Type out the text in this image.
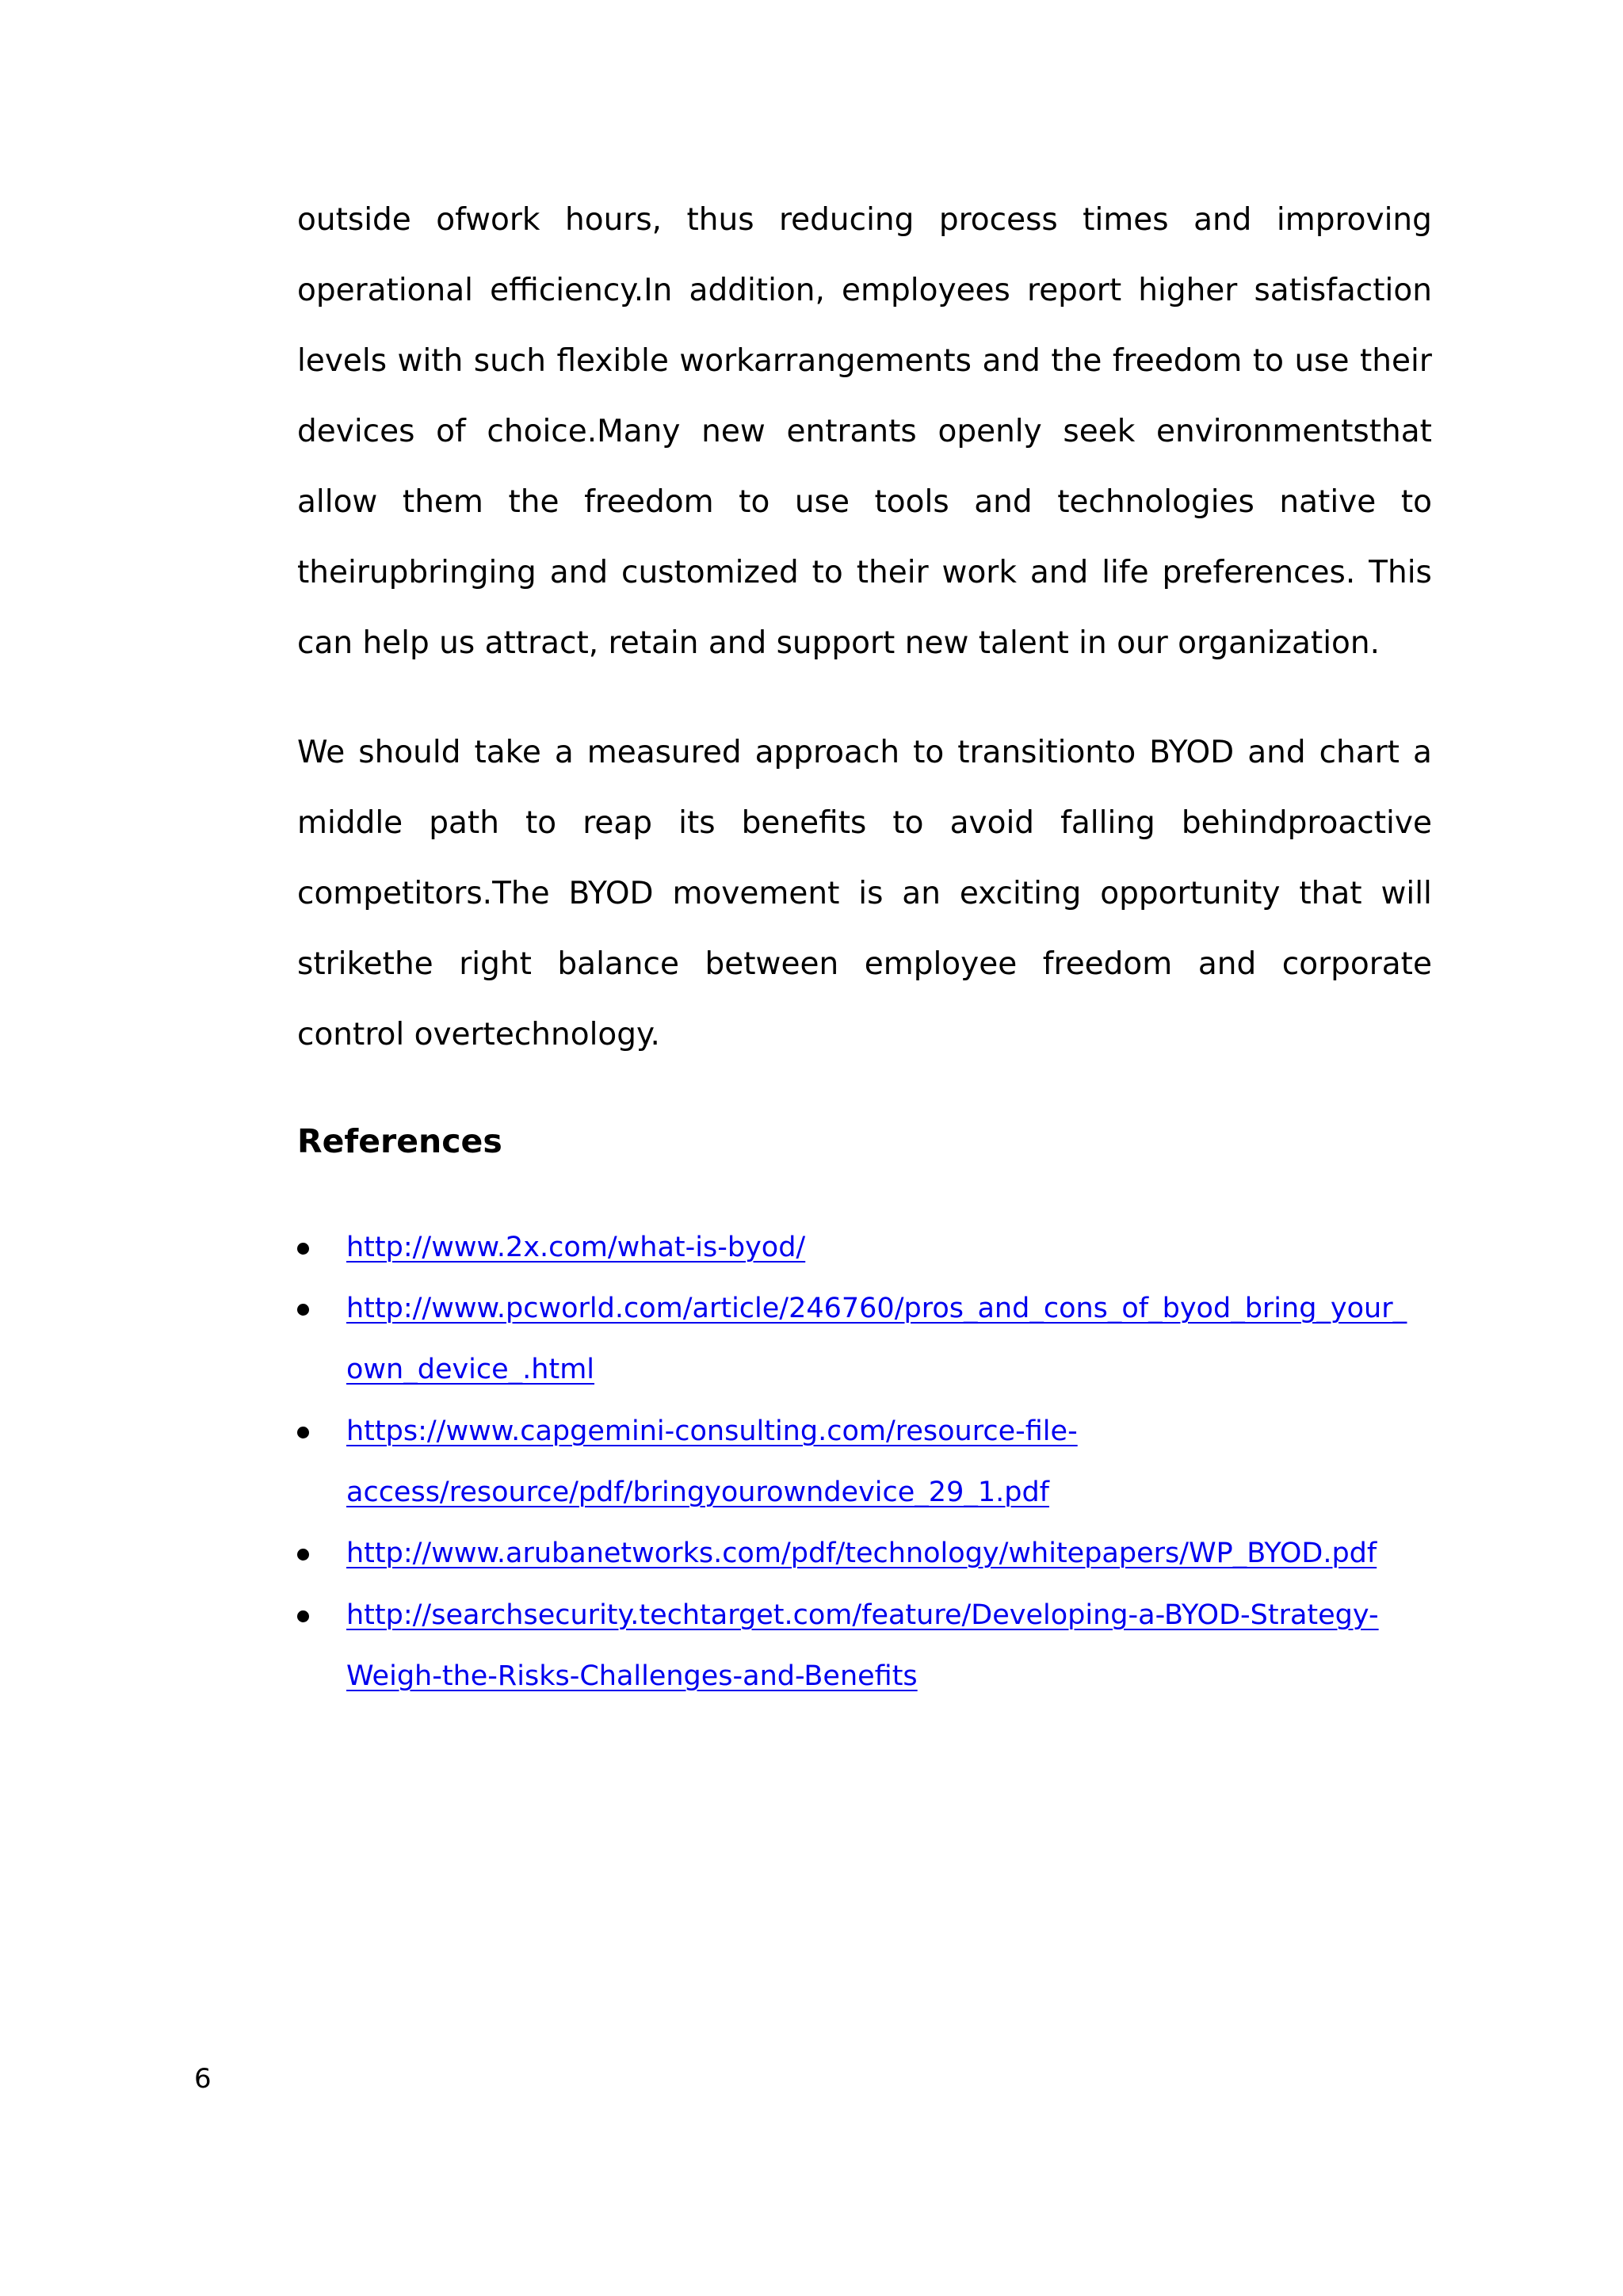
outside ofwork hours, thus reducing process times and improving
operational efficiency.In addition, employees report higher satisfaction
levels with such flexible workarrangements and the freedom to use their
devices of choice.Many new entrants openly seek environmentsthat
allow them the freedom to use tools and technologies native to
theirupbringing and customized to their work and life preferences. This
can help us attract, retain and support new talent in our organization.
We should take a measured approach to transitionto BYOD and chart a
middle path to reap its benefits to avoid falling behindproactive
competitors.The BYOD movement is an exciting opportunity that will
strikethe right balance between employee freedom and corporate
control overtechnology.
References
http://www.2x.com/what-is-byod/
http://www.pcworld.com/article/246760/pros_and_cons_of_byod_bring_your_
own_device_.html
https://www.capgemini-consulting.com/resource-file-
access/resource/pdf/bringyourowndevice_29_1.pdf
http://www.arubanetworks.com/pdf/technology/whitepapers/WP_BYOD.pdf
http://searchsecurity.techtarget.com/feature/Developing-a-BYOD-Strategy-
Weigh-the-Risks-Challenges-and-Benefits
6
